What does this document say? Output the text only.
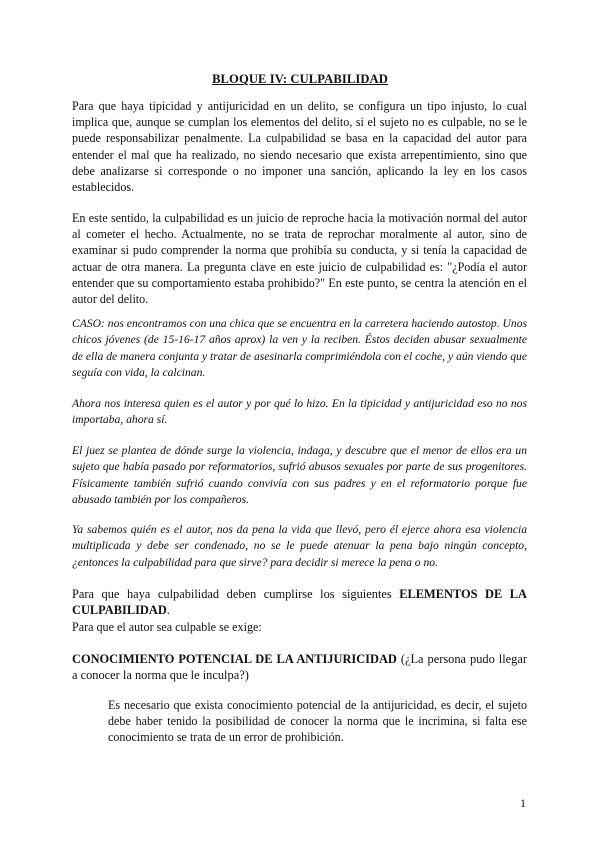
BLOQUE IV: CULPABILIDAD

Para que haya tipicidad y antijuricidad en un delito, se configura un tipo injusto, lo cual implica que, aunque se cumplan los elementos del delito, si el sujeto no es culpable, no se le puede responsabilizar penalmente. La culpabilidad se basa en la capacidad del autor para entender el mal que ha realizado, no siendo necesario que exista arrepentimiento, sino que debe analizarse si corresponde o no imponer una sanción, aplicando la ley en los casos establecidos.

En este sentido, la culpabilidad es un juicio de reproche hacia la motivación normal del autor al cometer el hecho. Actualmente, no se trata de reprochar moralmente al autor, sino de examinar si pudo comprender la norma que prohibía su conducta, y si tenía la capacidad de actuar de otra manera. La pregunta clave en este juicio de culpabilidad es: "¿Podía el autor entender que su comportamiento estaba prohibido?" En este punto, se centra la atención en el autor del delito.

CASO: nos encontramos con una chica que se encuentra en la carretera haciendo autostop. Unos chicos jóvenes (de 15-16-17 años aprox) la ven y la reciben. Éstos deciden abusar sexualmente de ella de manera conjunta y tratar de asesinarla comprimiéndola con el coche, y aún viendo que seguía con vida, la calcinan.

Ahora nos interesa quien es el autor y por qué lo hizo. En la tipicidad y antijuricidad eso no nos importaba, ahora sí.

El juez se plantea de dónde surge la violencia, indaga, y descubre que el menor de ellos era un sujeto que había pasado por reformatorios, sufrió abusos sexuales por parte de sus progenitores. Físicamente también sufrió cuando convivía con sus padres y en el reformatorio porque fue abusado también por los compañeros.

Ya sabemos quién es el autor, nos da pena la vida que llevó, pero él ejerce ahora esa violencia multiplicada y debe ser condenado, no se le puede atenuar la pena bajo ningún concepto, ¿entonces la culpabilidad para que sirve? para decidir si merece la pena o no.

Para que haya culpabilidad deben cumplirse los siguientes ELEMENTOS DE LA CULPABILIDAD.

Para que el autor sea culpable se exige:

CONOCIMIENTO POTENCIAL DE LA ANTIJURICIDAD (¿La persona pudo llegar a conocer la norma que le inculpa?)

Es necesario que exista conocimiento potencial de la antijuricidad, es decir, el sujeto debe haber tenido la posibilidad de conocer la norma que le incrimina, si falta ese conocimiento se trata de un error de prohibición.

1
